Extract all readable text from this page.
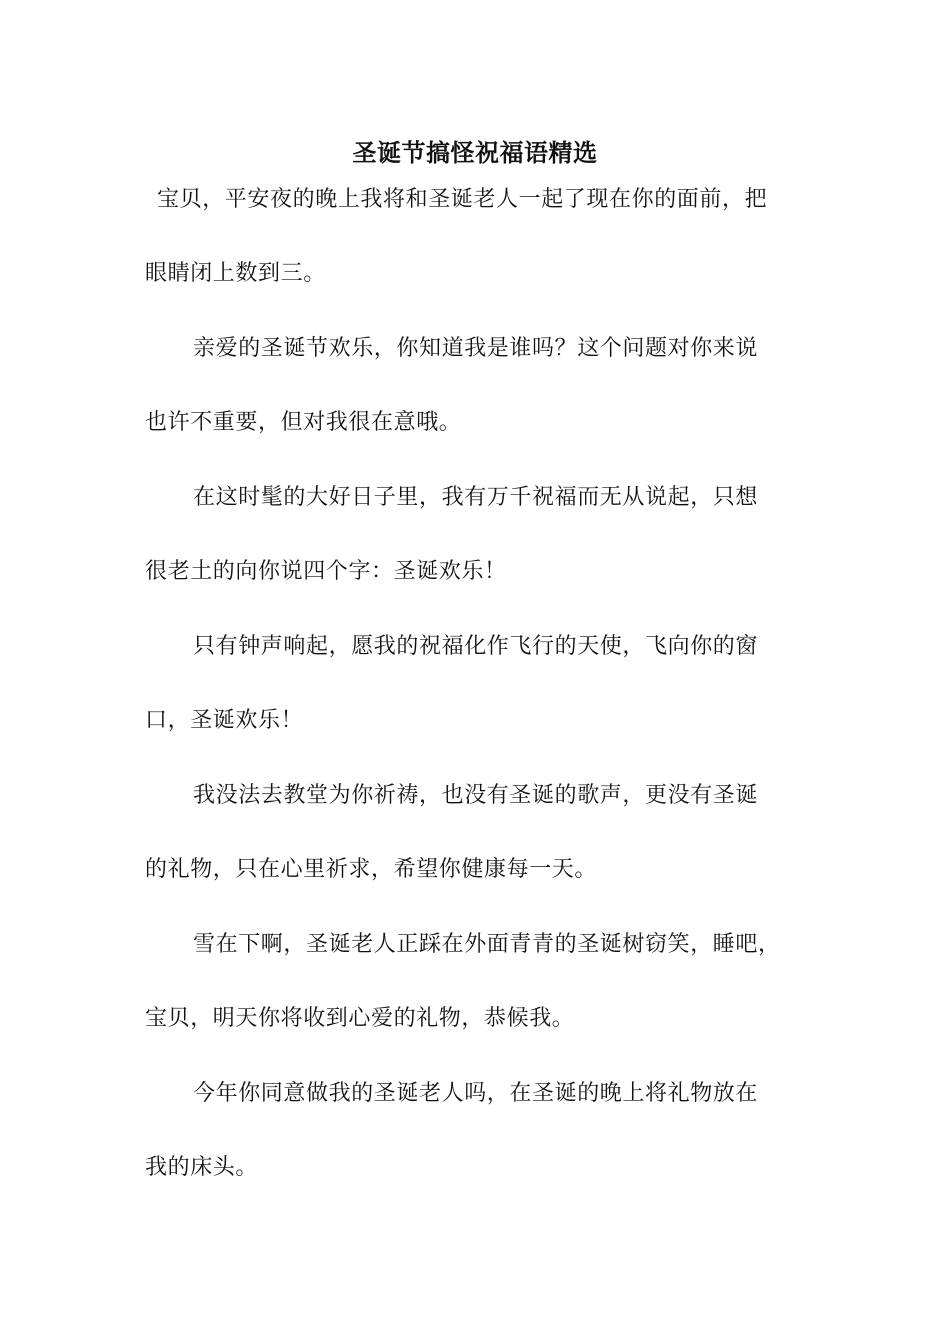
圣诞节搞怪祝福语精选
宝贝，平安夜的晚上我将和圣诞老人一起了现在你的面前，把
眼睛闭上数到三。
亲爱的圣诞节欢乐，你知道我是谁吗？这个问题对你来说
也许不重要，但对我很在意哦。
在这时髦的大好日子里，我有万千祝福而无从说起，只想
很老土的向你说四个字：圣诞欢乐！
只有钟声响起，愿我的祝福化作飞行的天使，飞向你的窗
口，圣诞欢乐！
我没法去教堂为你祈祷，也没有圣诞的歌声，更没有圣诞
的礼物，只在心里祈求，希望你健康每一天。
雪在下啊，圣诞老人正踩在外面青青的圣诞树窃笑，睡吧，
宝贝，明天你将收到心爱的礼物，恭候我。
今年你同意做我的圣诞老人吗，在圣诞的晚上将礼物放在
我的床头。
